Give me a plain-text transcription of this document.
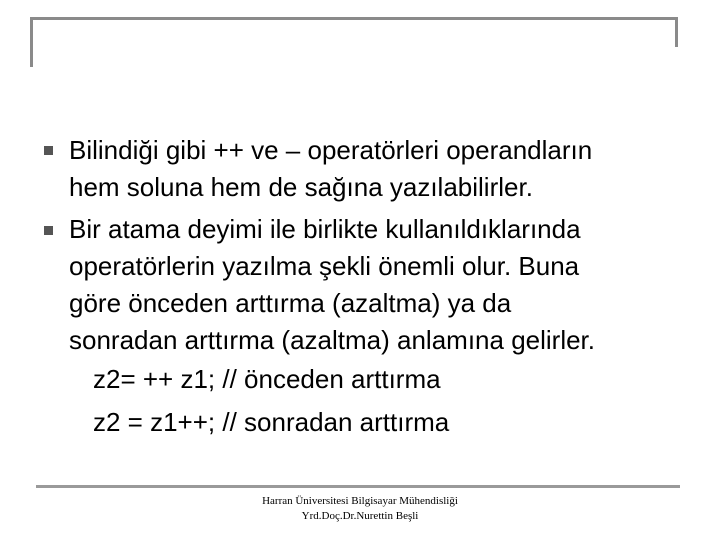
Bilindiği gibi ++ ve – operatörleri operandların
hem soluna hem de sağına yazılabilirler.
Bir atama deyimi ile birlikte kullanıldıklarında
operatörlerin yazılma şekli önemli olur. Buna
göre önceden arttırma (azaltma) ya da
sonradan arttırma (azaltma) anlamına gelirler.
z2= ++ z1; // önceden arttırma
z2 = z1++; // sonradan arttırma
Harran Üniversitesi Bilgisayar Mühendisliği
Yrd.Doç.Dr.Nurettin Beşli
